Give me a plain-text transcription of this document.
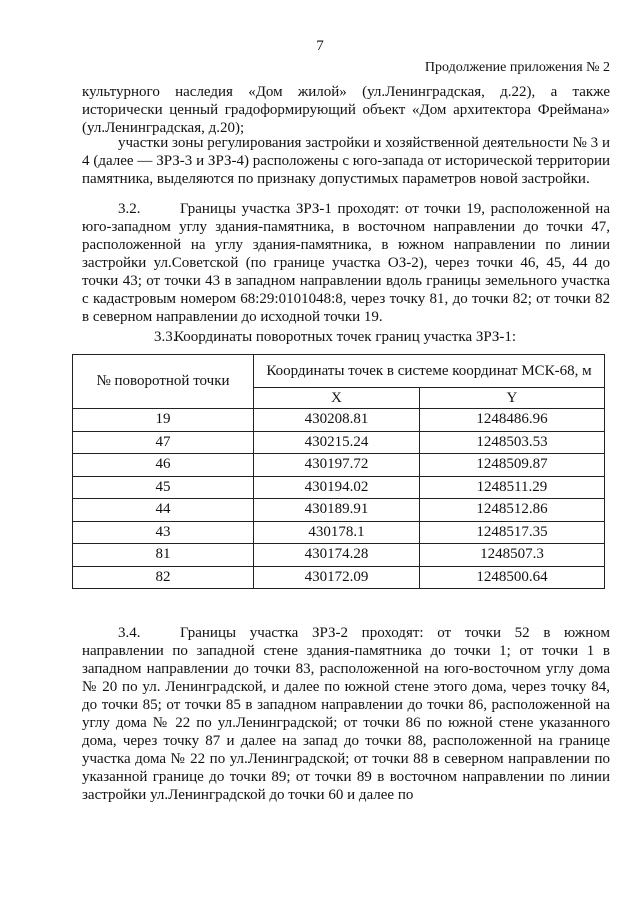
7
Продолжение приложения № 2

культурного наследия «Дом жилой» (ул.Ленинградская, д.22), а также исторически ценный градоформирующий объект «Дом архитектора Фреймана» (ул.Ленинградская, д.20);

участки зоны регулирования застройки и хозяйственной деятельности № 3 и 4 (далее — ЗРЗ-3 и ЗРЗ-4) расположены с юго-запада от исторической территории памятника, выделяются по признаку допустимых параметров новой застройки.

3.2.	Границы участка ЗРЗ-1 проходят: от точки 19, расположенной на юго-западном углу здания-памятника, в восточном направлении до точки 47, расположенной на углу здания-памятника, в южном направлении по линии застройки ул.Советской (по границе участка ОЗ-2), через точки 46, 45, 44 до точки 43; от точки 43 в западном направлении вдоль границы земельного участка с кадастровым номером 68:29:0101048:8, через точку 81, до точки 82; от точки 82 в северном направлении до исходной точки 19.

3.3.Координаты поворотных точек границ участка ЗРЗ-1:

№ поворотной точки	Координаты точек в системе координат МСК-68, м	
	X	Y
19	430208.81	1248486.96
47	430215.24	1248503.53
46	430197.72	1248509.87
45	430194.02	1248511.29
44	430189.91	1248512.86
43	430178.1	1248517.35
81	430174.28	1248507.3
82	430172.09	1248500.64

3.4.	Границы участка ЗРЗ-2 проходят: от точки 52 в южном направлении по западной стене здания-памятника до точки 1; от точки 1 в западном направлении до точки 83, расположенной на юго-восточном углу дома № 20 по ул. Ленинградской, и далее по южной стене этого дома, через точку 84, до точки 85; от точки 85 в западном направлении до точки 86, расположенной на углу дома № 22 по ул.Ленинградской; от точки 86 по южной стене указанного дома, через точку 87 и далее на запад до точки 88, расположенной на границе участка дома № 22 по ул.Ленинградской; от точки 88 в северном направлении по указанной границе до точки 89; от точки 89 в восточном направлении по линии застройки ул.Ленинградской до точки 60 и далее по
